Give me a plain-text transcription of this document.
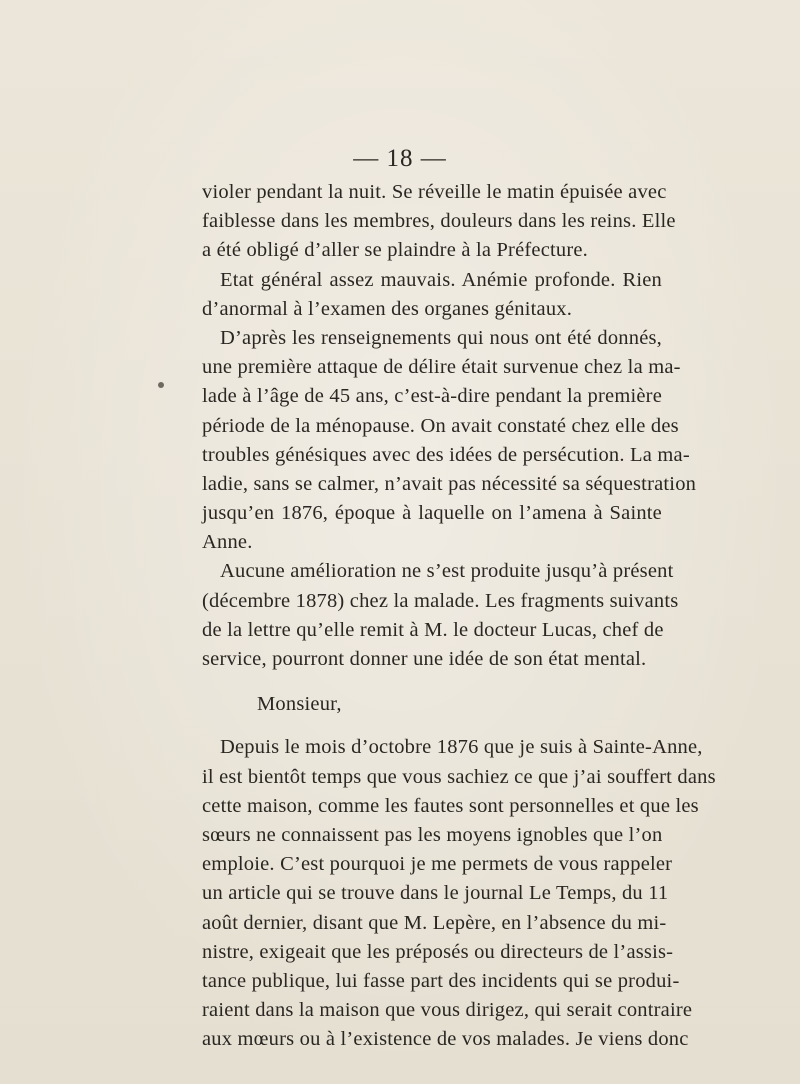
— 18 —
violer pendant la nuit. Se réveille le matin épuisée avec
faiblesse dans les membres, douleurs dans les reins. Elle
a été obligé d’aller se plaindre à la Préfecture.
Etat général assez mauvais. Anémie profonde. Rien
d’anormal à l’examen des organes génitaux.
D’après les renseignements qui nous ont été donnés,
une première attaque de délire était survenue chez la ma-
lade à l’âge de 45 ans, c’est-à-dire pendant la première
période de la ménopause. On avait constaté chez elle des
troubles génésiques avec des idées de persécution. La ma-
ladie, sans se calmer, n’avait pas nécessité sa séquestration
jusqu’en 1876, époque à laquelle on l’amena à Sainte
Anne.
Aucune amélioration ne s’est produite jusqu’à présent
(décembre 1878) chez la malade. Les fragments suivants
de la lettre qu’elle remit à M. le docteur Lucas, chef de
service, pourront donner une idée de son état mental.
Monsieur,
Depuis le mois d’octobre 1876 que je suis à Sainte-Anne,
il est bientôt temps que vous sachiez ce que j’ai souffert dans
cette maison, comme les fautes sont personnelles et que les
sœurs ne connaissent pas les moyens ignobles que l’on
emploie. C’est pourquoi je me permets de vous rappeler
un article qui se trouve dans le journal Le Temps, du 11
août dernier, disant que M. Lepère, en l’absence du mi-
nistre, exigeait que les préposés ou directeurs de l’assis-
tance publique, lui fasse part des incidents qui se produi-
raient dans la maison que vous dirigez, qui serait contraire
aux mœurs ou à l’existence de vos malades. Je viens donc
